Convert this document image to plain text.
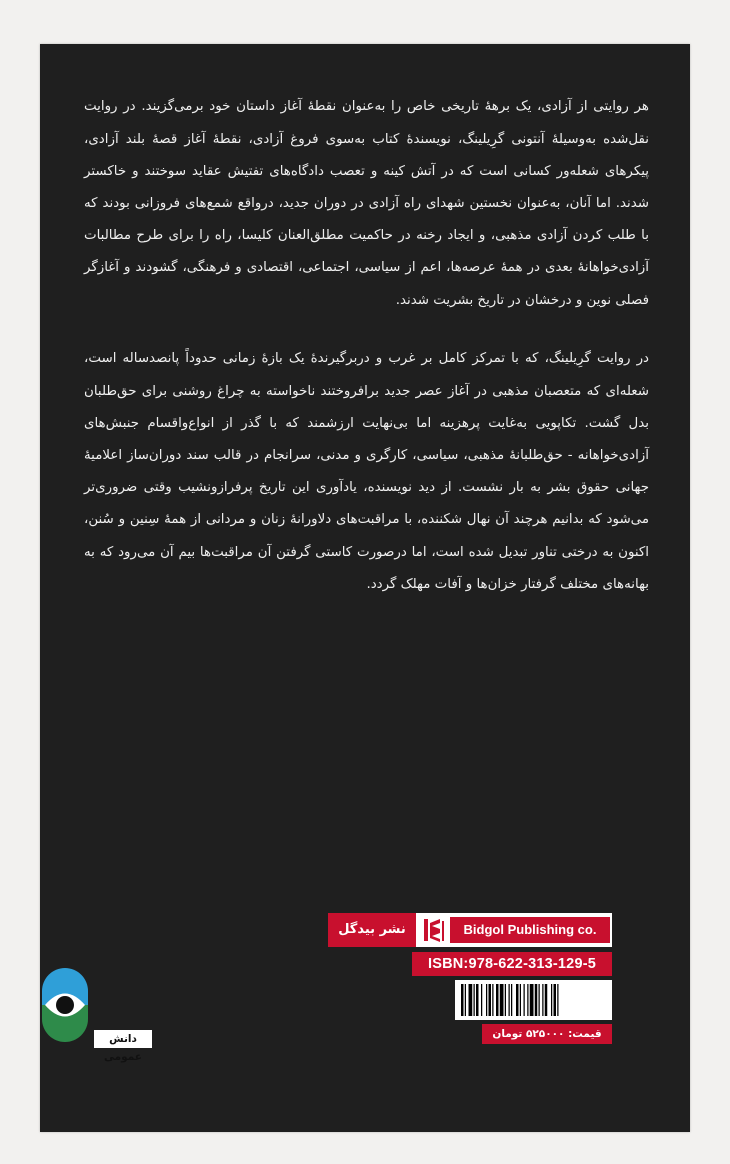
هر روایتی از آزادی، یک برهۀ تاریخی خاص را به‌عنوان نقطۀ آغاز داستان خود برمی‌گزیند. در روایت نقل‌شده به‌وسیلۀ آنتونی گرِیلینگ، نویسندۀ کتاب به‌سوی فروغ آزادی، نقطۀ آغاز قصۀ بلند آزادی، پیکرهای شعله‌ور کسانی است که در آتش کینه و تعصب دادگاه‌های تفتیش عقاید سوختند و خاکستر شدند. اما آنان، به‌عنوان نخستین شهدای راه آزادی در دوران جدید، درواقع شمع‌های فروزانی بودند که با طلب کردن آزادی مذهبی، و ایجاد رخنه در حاکمیت مطلق‌العنان کلیسا، راه را برای طرح مطالبات آزادی‌خواهانۀ بعدی در همۀ عرصه‌ها، اعم از سیاسی، اجتماعی، اقتصادی و فرهنگی، گشودند و آغازگر فصلی نوین و درخشان در تاریخ بشریت شدند.

در روایت گرِیلینگ، که با تمرکز کامل بر غرب و دربرگیرندۀ یک بازۀ زمانی حدوداً پانصدساله است، شعله‌ای که متعصبان مذهبی در آغاز عصر جدید برافروختند ناخواسته به چراغ روشنی برای حق‌طلبان بدل گشت. تکاپویی به‌غایت پرهزینه اما بی‌نهایت ارزشمند که با گذر از انواع‌واقسام جنبش‌های آزادی‌خواهانه - حق‌طلبانۀ مذهبی، سیاسی، کارگری و مدنی، سرانجام در قالب سند دوران‌ساز اعلامیۀ جهانی حقوق بشر به بار نشست. از دید نویسنده، یادآوری این تاریخ پرفرازونشیب وقتی ضروری‌تر می‌شود که بدانیم هرچند آن نهال شکننده، با مراقبت‌های دلاورانۀ زنان و مردانی از همۀ سِنین و سُنن، اکنون به درختی تناور تبدیل شده است، اما درصورت کاستی گرفتن آن مراقبت‌ها بیم آن می‌رود که به بهانه‌های مختلف گرفتار خزان‌ها و آفات مهلک گردد.

نشر بیدگل	Bidgol Publishing co.
ISBN:978-622-313-129-5
قیمت: ۵۲۵۰۰۰ تومان
دانش عمومی
